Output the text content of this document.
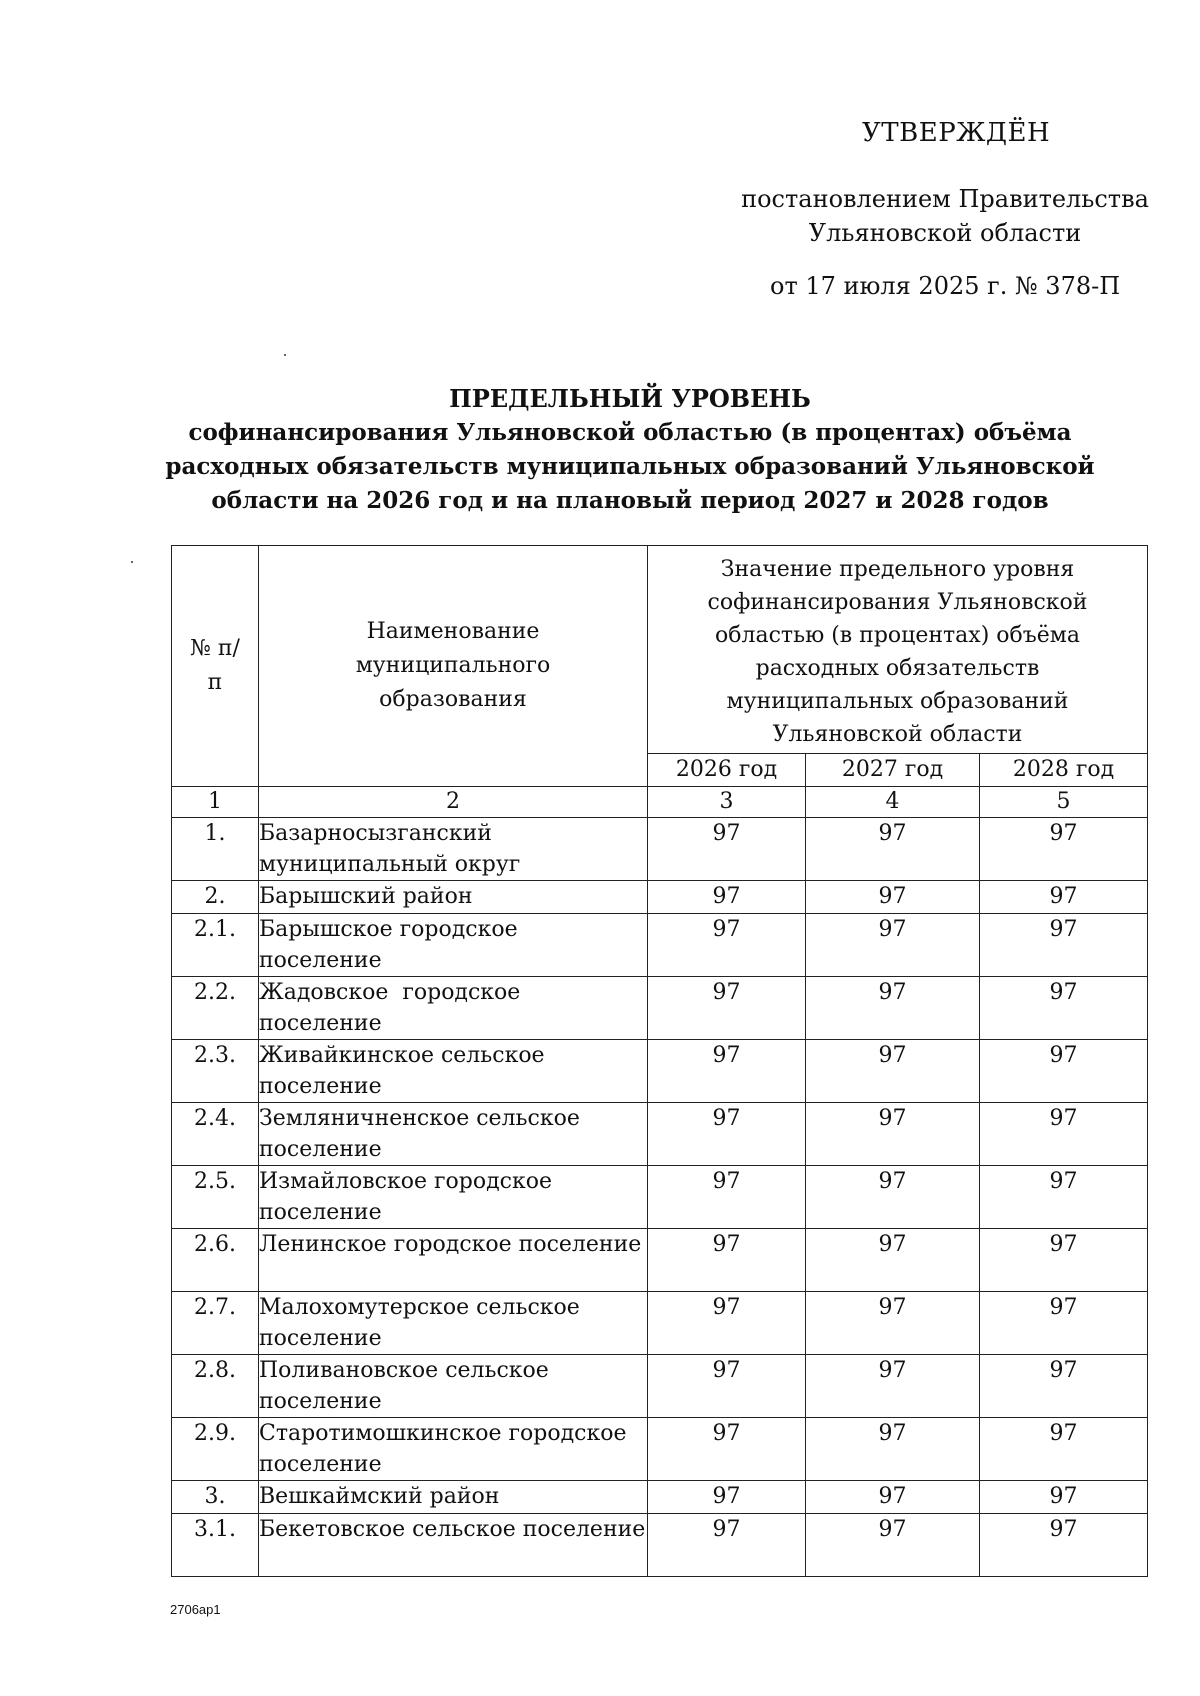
УТВЕРЖДЁН
постановлением Правительства
Ульяновской области
от 17 июля 2025 г. № 378-П
ПРЕДЕЛЬНЫЙ УРОВЕНЬ
софинансирования Ульяновской областью (в процентах) объёма
расходных обязательств муниципальных образований Ульяновской
области на 2026 год и на плановый период 2027 и 2028 годов
№ п/п	Наименование муниципального образования	Значение предельного уровня софинансирования Ульяновской областью (в процентах) объёма расходных обязательств муниципальных образований Ульяновской области		

		2026 год	2027 год	2028 год
1	2	3	4	5
1.	Базарносызганский муниципальный округ	97	97	97
2.	Барышский район	97	97	97
2.1.	Барышское городское поселение	97	97	97
2.2.	Жадовское  городское поселение	97	97	97
2.3.	Живайкинское сельское поселение	97	97	97
2.4.	Земляничненское сельское поселение	97	97	97
2.5.	Измайловское городское поселение	97	97	97
2.6.	Ленинское городское поселение	97	97	97
2.7.	Малохомутерское сельское поселение	97	97	97
2.8.	Поливановское сельское поселение	97	97	97
2.9.	Старотимошкинское городское поселение	97	97	97
3.	Вешкаймский район	97	97	97
3.1.	Бекетовское сельское поселение	97	97	97
2706ap1
